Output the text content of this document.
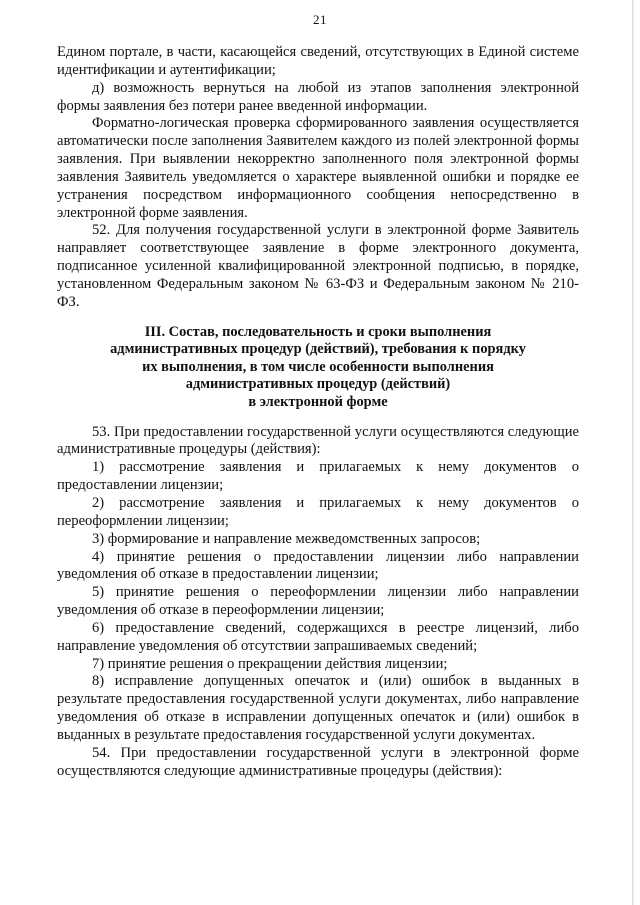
21

Едином портале, в части, касающейся сведений, отсутствующих в Единой системе идентификации и аутентификации;

д) возможность вернуться на любой из этапов заполнения электронной формы заявления без потери ранее введенной информации.

Форматно-логическая проверка сформированного заявления осуществляется автоматически после заполнения Заявителем каждого из полей электронной формы заявления. При выявлении некорректно заполненного поля электронной формы заявления Заявитель уведомляется о характере выявленной ошибки и порядке ее устранения посредством информационного сообщения непосредственно в электронной форме заявления.

52. Для получения государственной услуги в электронной форме Заявитель направляет соответствующее заявление в форме электронного документа, подписанное усиленной квалифицированной электронной подписью, в порядке, установленном Федеральным законом № 63-ФЗ и Федеральным законом № 210-ФЗ.

III. Состав, последовательность и сроки выполнения
административных процедур (действий), требования к порядку
их выполнения, в том числе особенности выполнения
административных процедур (действий)
в электронной форме

53. При предоставлении государственной услуги осуществляются следующие административные процедуры (действия):

1) рассмотрение заявления и прилагаемых к нему документов о предоставлении лицензии;

2) рассмотрение заявления и прилагаемых к нему документов о переоформлении лицензии;

3) формирование и направление межведомственных запросов;

4) принятие решения о предоставлении лицензии либо направлении уведомления об отказе в предоставлении лицензии;

5) принятие решения о переоформлении лицензии либо направлении уведомления об отказе в переоформлении лицензии;

6) предоставление сведений, содержащихся в реестре лицензий, либо направление уведомления об отсутствии запрашиваемых сведений;

7) принятие решения о прекращении действия лицензии;

8) исправление допущенных опечаток и (или) ошибок в выданных в результате предоставления государственной услуги документах, либо направление уведомления об отказе в исправлении допущенных опечаток и (или) ошибок в выданных в результате предоставления государственной услуги документах.

54. При предоставлении государственной услуги в электронной форме осуществляются следующие административные процедуры (действия):
